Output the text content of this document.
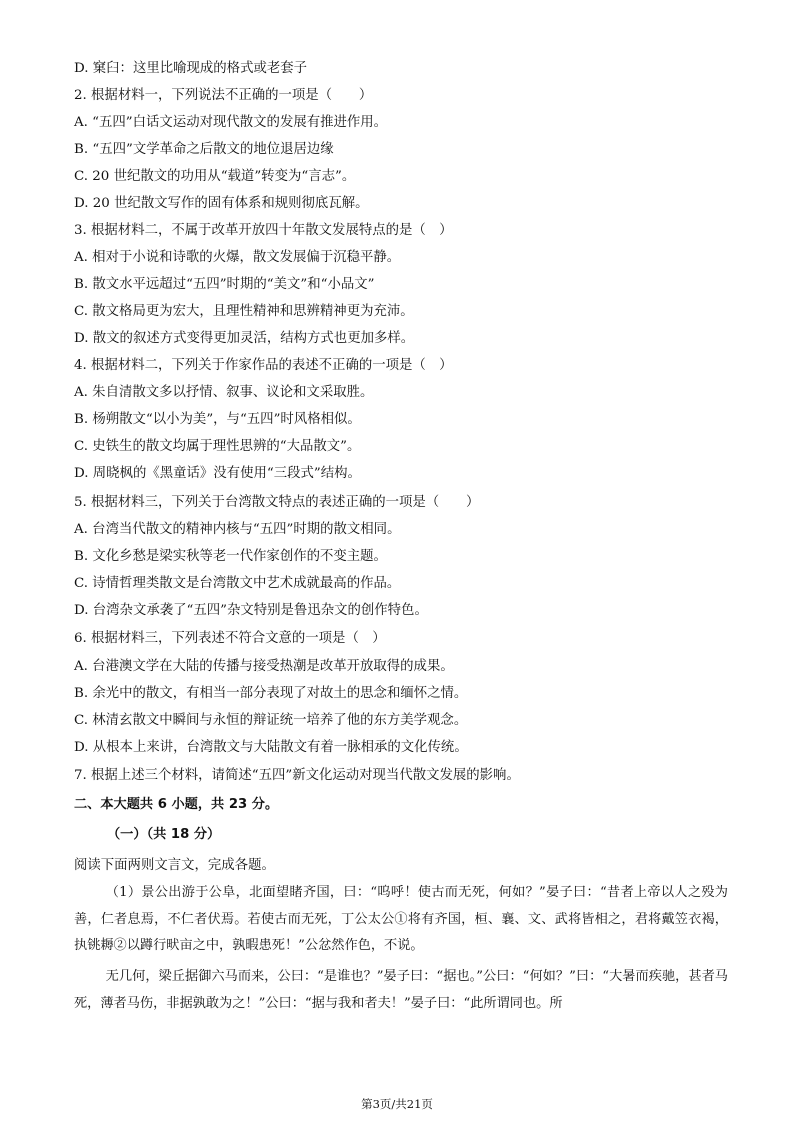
D. 窠臼：这里比喻现成的格式或老套子
2. 根据材料一，下列说法不正确的一项是（　　）
A. “五四”白话文运动对现代散文的发展有推进作用。
B. “五四”文学革命之后散文的地位退居边缘
C. 20 世纪散文的功用从“载道”转变为“言志”。
D. 20 世纪散文写作的固有体系和规则彻底瓦解。
3. 根据材料二，不属于改革开放四十年散文发展特点的是（　）
A. 相对于小说和诗歌的火爆，散文发展偏于沉稳平静。
B. 散文水平远超过“五四”时期的“美文”和“小品文”
C. 散文格局更为宏大，且理性精神和思辨精神更为充沛。
D. 散文的叙述方式变得更加灵活，结构方式也更加多样。
4. 根据材料二，下列关于作家作品的表述不正确的一项是（　）
A. 朱自清散文多以抒情、叙事、议论和文采取胜。
B. 杨朔散文“以小为美”，与“五四”时风格相似。
C. 史铁生的散文均属于理性思辨的“大品散文”。
D. 周晓枫的《黑童话》没有使用“三段式”结构。
5. 根据材料三，下列关于台湾散文特点的表述正确的一项是（　　）
A. 台湾当代散文的精神内核与“五四”时期的散文相同。
B. 文化乡愁是梁实秋等老一代作家创作的不变主题。
C. 诗情哲理类散文是台湾散文中艺术成就最高的作品。
D. 台湾杂文承袭了“五四”杂文特别是鲁迅杂文的创作特色。
6. 根据材料三，下列表述不符合文意的一项是（　）
A. 台港澳文学在大陆的传播与接受热潮是改革开放取得的成果。
B. 余光中的散文，有相当一部分表现了对故土的思念和缅怀之情。
C. 林清玄散文中瞬间与永恒的辩证统一培养了他的东方美学观念。
D. 从根本上来讲，台湾散文与大陆散文有着一脉相承的文化传统。
7. 根据上述三个材料，请简述“五四”新文化运动对现当代散文发展的影响。
二、本大题共 6 小题，共 23 分。
（一）（共 18 分）
阅读下面两则文言文，完成各题。
（1）景公出游于公阜，北面望睹齐国，曰：“呜呼！使古而无死，何如？”晏子曰：“昔者上帝以人之殁为善，仁者息焉，不仁者伏焉。若使古而无死，丁公太公①将有齐国，桓、襄、文、武将皆相之，君将戴笠衣褐，执铫耨②以蹲行畎亩之中，孰暇患死！”公忿然作色，不说。
无几何，梁丘据御六马而来，公曰：“是谁也？”晏子曰：“据也。”公曰：“何如？”曰：“大暑而疾驰，甚者马死，薄者马伤，非据孰敢为之！”公曰：“据与我和者夫！”晏子曰：“此所谓同也。所
第3页/共21页
